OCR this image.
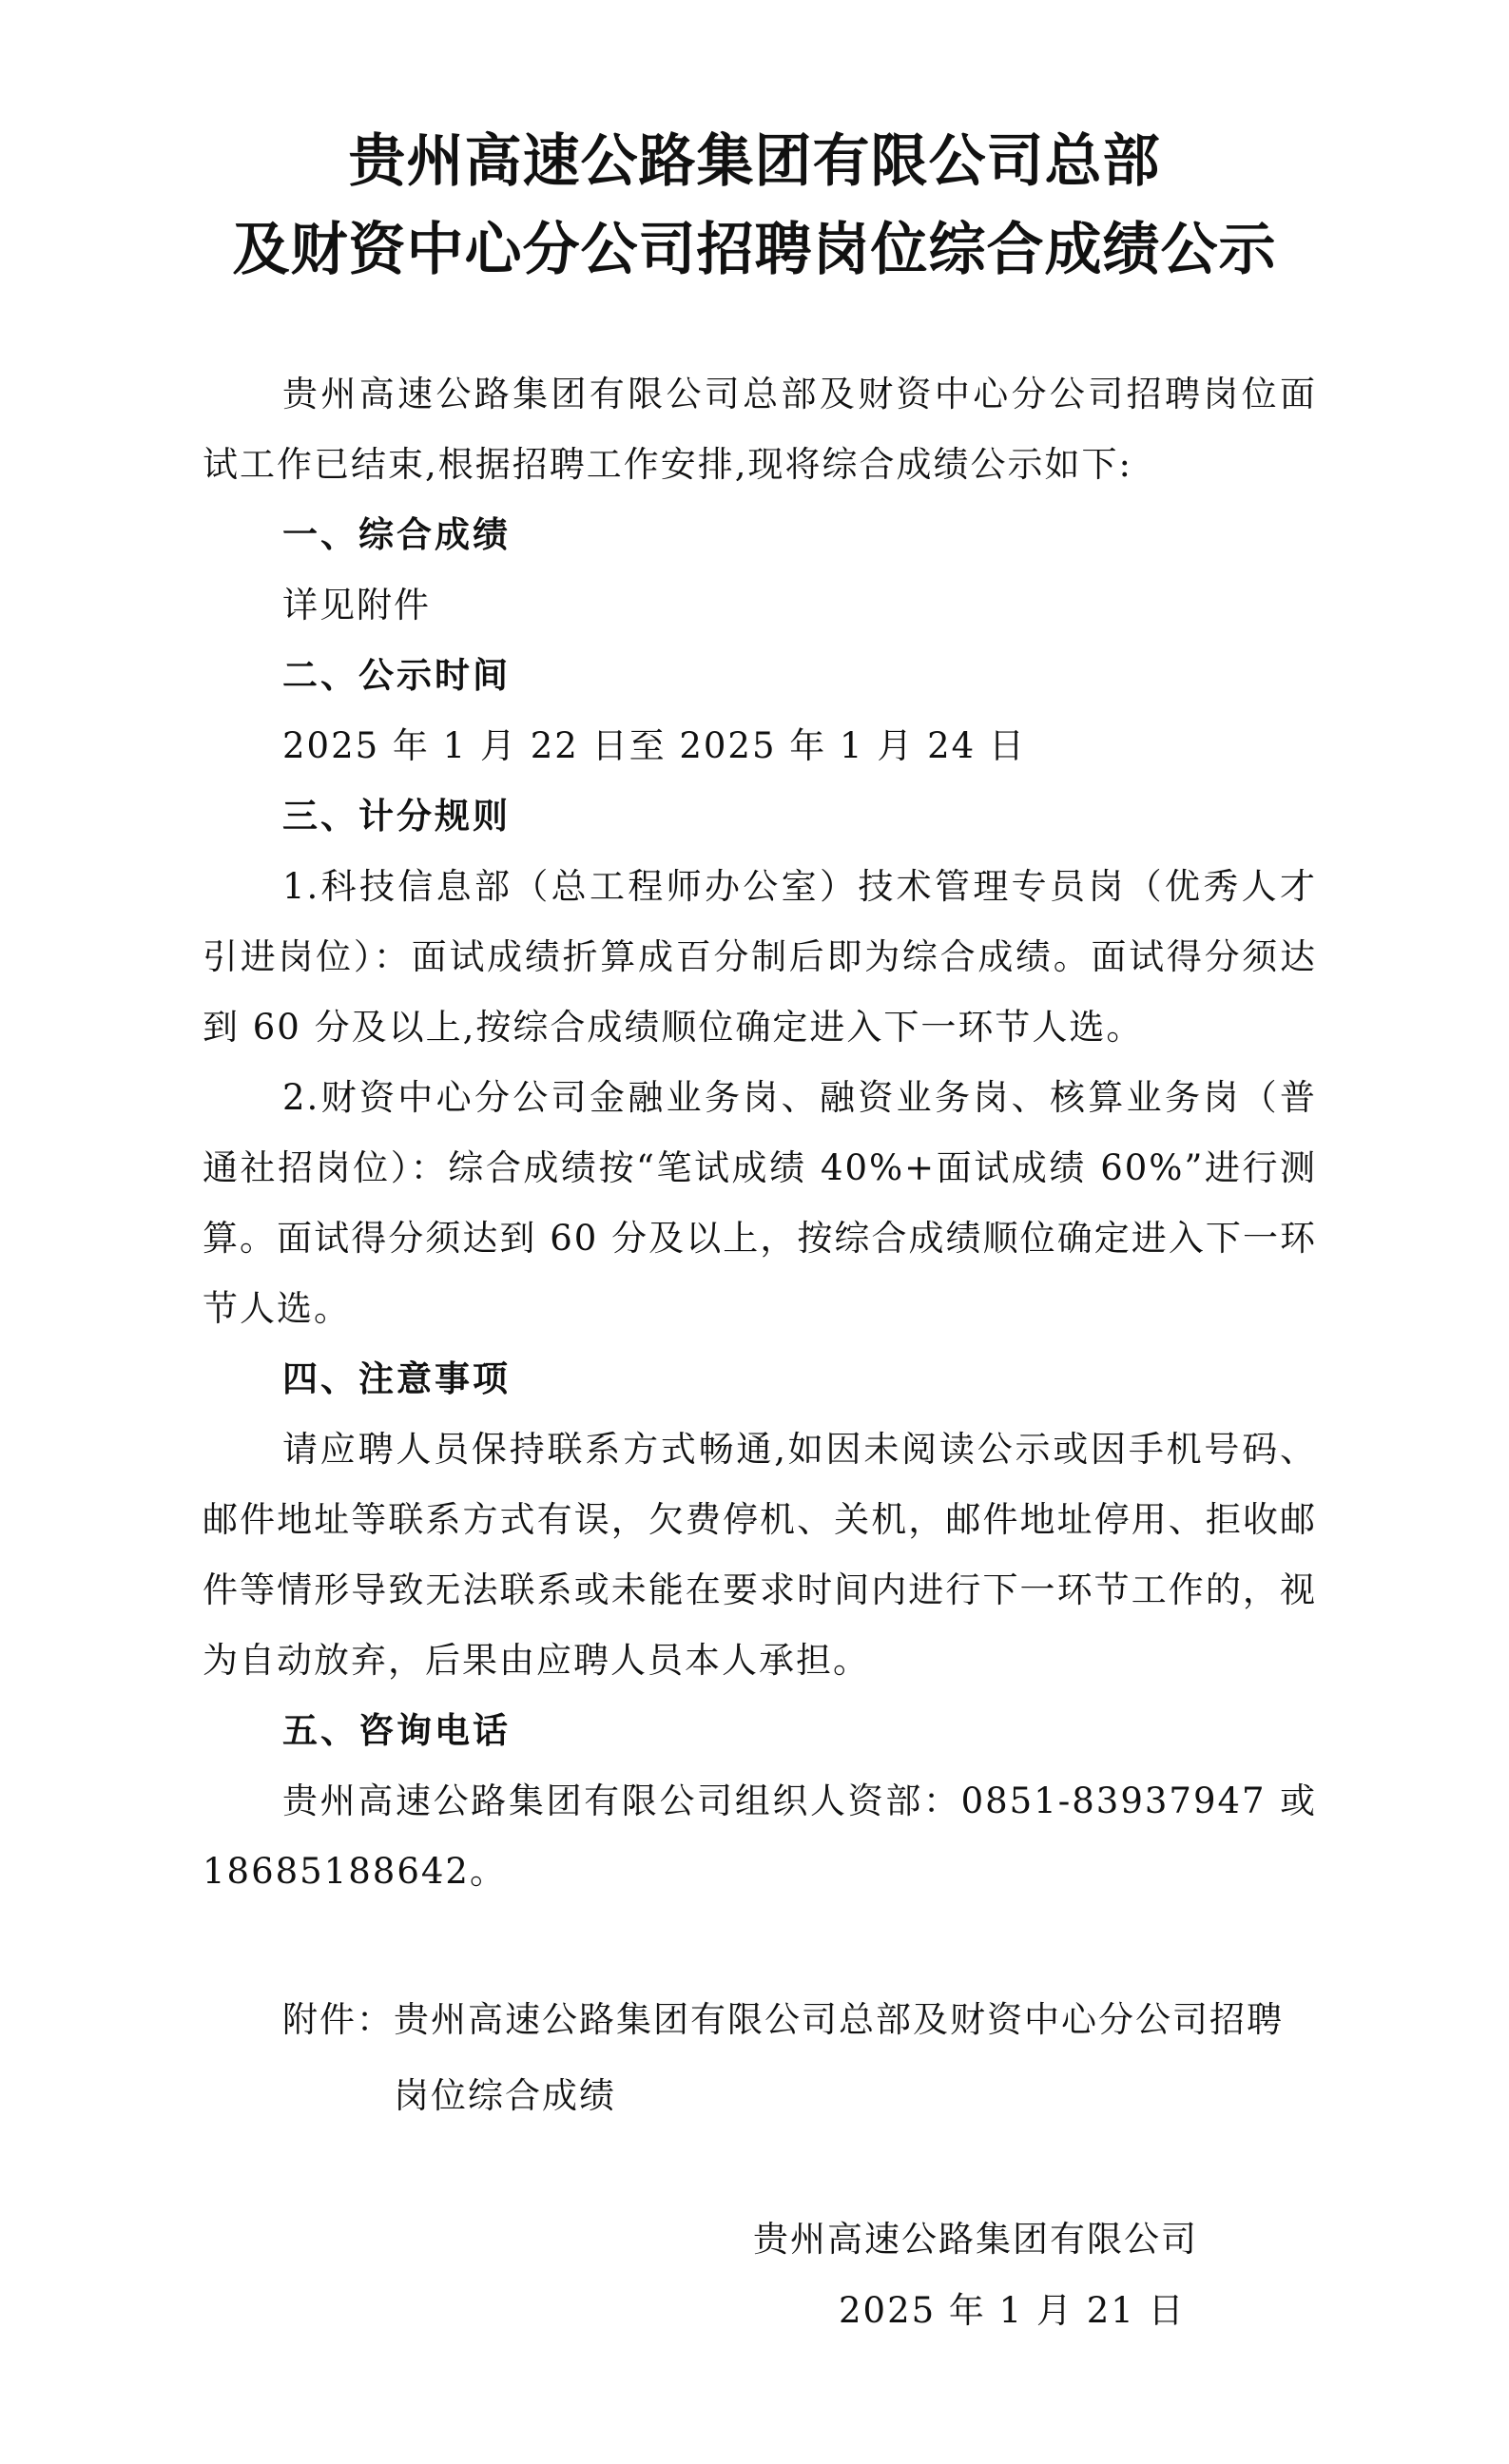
贵州高速公路集团有限公司总部
及财资中心分公司招聘岗位综合成绩公示

贵州高速公路集团有限公司总部及财资中心分公司招聘岗位面试工作已结束,根据招聘工作安排,现将综合成绩公示如下:

一、综合成绩

详见附件

二、公示时间

2025 年 1 月 22 日至 2025 年 1 月 24 日

三、计分规则

1.科技信息部（总工程师办公室）技术管理专员岗（优秀人才引进岗位）：面试成绩折算成百分制后即为综合成绩。面试得分须达到 60 分及以上,按综合成绩顺位确定进入下一环节人选。

2.财资中心分公司金融业务岗、融资业务岗、核算业务岗（普通社招岗位）：综合成绩按“笔试成绩 40%+面试成绩 60%”进行测算。面试得分须达到 60 分及以上，按综合成绩顺位确定进入下一环节人选。

四、注意事项

请应聘人员保持联系方式畅通,如因未阅读公示或因手机号码、邮件地址等联系方式有误，欠费停机、关机，邮件地址停用、拒收邮件等情形导致无法联系或未能在要求时间内进行下一环节工作的，视为自动放弃，后果由应聘人员本人承担。

五、咨询电话

贵州高速公路集团有限公司组织人资部：0851-83937947 或 18685188642。

附件： 贵州高速公路集团有限公司总部及财资中心分公司招聘岗位综合成绩
贵州高速公路集团有限公司
2025 年 1 月 21 日
